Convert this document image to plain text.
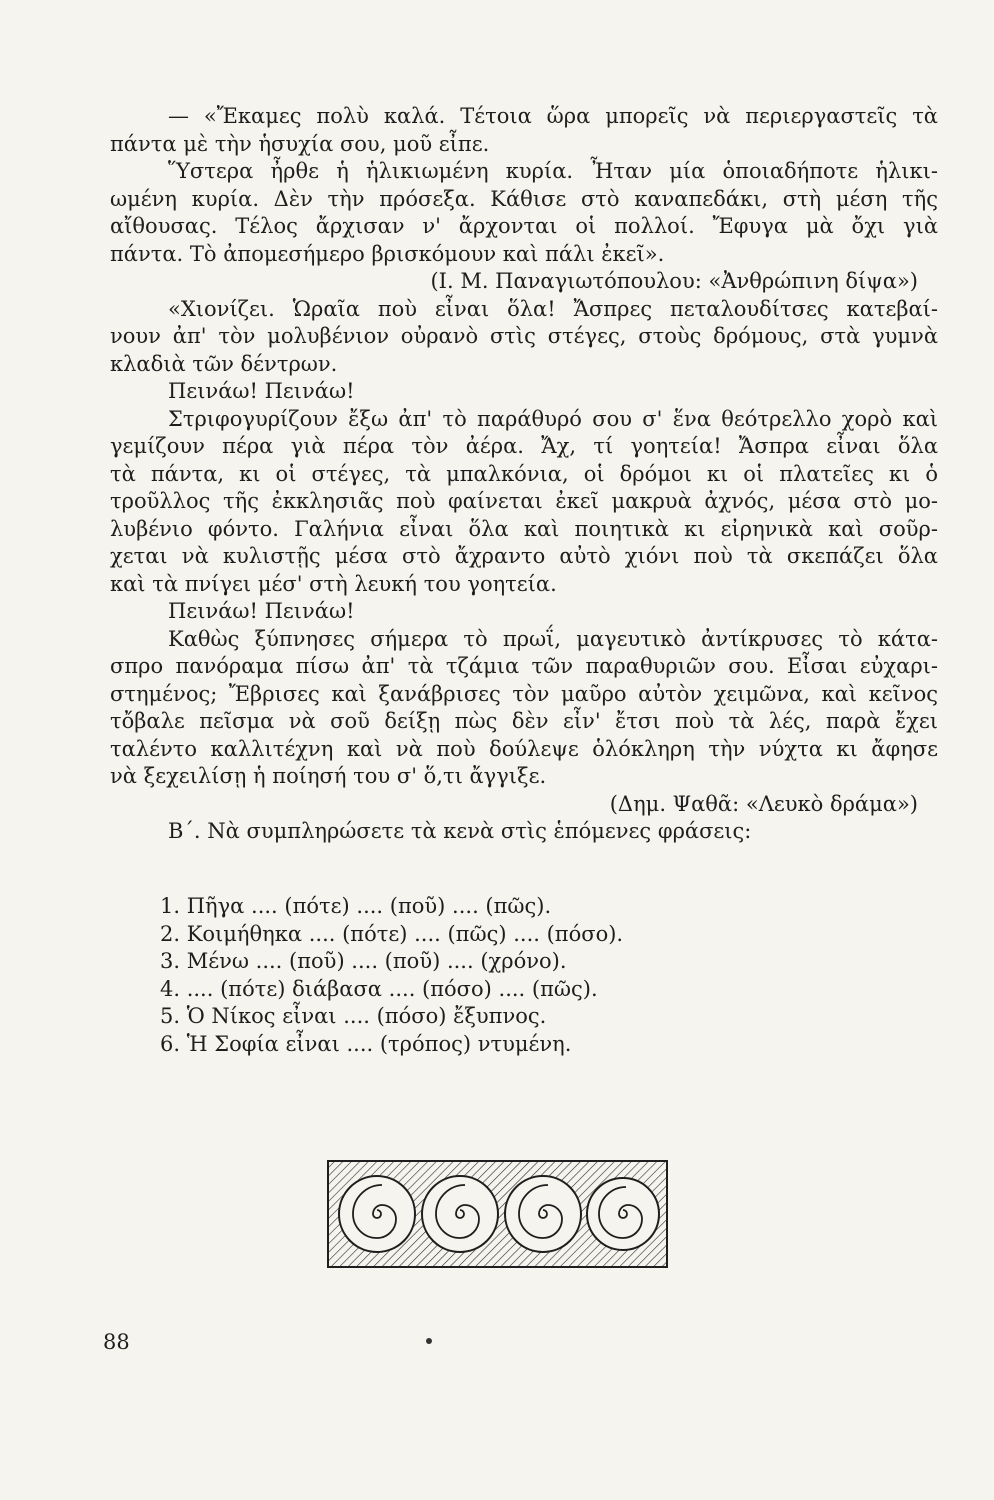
— «Ἔκαμες πολὺ καλά. Τέτοια ὥρα μπορεῖς νὰ περιεργαστεῖς τὰ
πάντα μὲ τὴν ἡσυχία σου, μοῦ εἶπε.
Ὕστερα ἦρθε ἡ ἡλικιωμένη κυρία. Ἦταν μία ὁποιαδήποτε ἡλικι-
ωμένη κυρία. Δὲν τὴν πρόσεξα. Κάθισε στὸ καναπεδάκι, στὴ μέση τῆς
αἴθουσας. Τέλος ἄρχισαν ν' ἄρχονται οἱ πολλοί. Ἔφυγα μὰ ὄχι γιὰ
πάντα. Τὸ ἀπομεσήμερο βρισκόμουν καὶ πάλι ἐκεῖ».
(Ι. Μ. Παναγιωτόπουλου: «Ἀνθρώπινη δίψα»)
«Χιονίζει. Ὡραῖα ποὺ εἶναι ὅλα! Ἄσπρες πεταλουδίτσες κατεβαί-
νουν ἀπ' τὸν μολυβένιον οὐρανὸ στὶς στέγες, στοὺς δρόμους, στὰ γυμνὰ
κλαδιὰ τῶν δέντρων.
Πεινάω! Πεινάω!
Στριφογυρίζουν ἔξω ἀπ' τὸ παράθυρό σου σ' ἕνα θεότρελλο χορὸ καὶ
γεμίζουν πέρα γιὰ πέρα τὸν ἀέρα. Ἄχ, τί γοητεία! Ἄσπρα εἶναι ὅλα
τὰ πάντα, κι οἱ στέγες, τὰ μπαλκόνια, οἱ δρόμοι κι οἱ πλατεῖες κι ὁ
τροῦλλος τῆς ἐκκλησιᾶς ποὺ φαίνεται ἐκεῖ μακρυὰ ἀχνός, μέσα στὸ μο-
λυβένιο φόντο. Γαλήνια εἶναι ὅλα καὶ ποιητικὰ κι εἰρηνικὰ καὶ σοῦρ-
χεται νὰ κυλιστῇς μέσα στὸ ἄχραντο αὐτὸ χιόνι ποὺ τὰ σκεπάζει ὅλα
καὶ τὰ πνίγει μέσ' στὴ λευκή του γοητεία.
Πεινάω! Πεινάω!
Καθὼς ξύπνησες σήμερα τὸ πρωΐ, μαγευτικὸ ἀντίκρυσες τὸ κάτα-
σπρο πανόραμα πίσω ἀπ' τὰ τζάμια τῶν παραθυριῶν σου. Εἶσαι εὐχαρι-
στημένος; Ἔβρισες καὶ ξανάβρισες τὸν μαῦρο αὐτὸν χειμῶνα, καὶ κεῖνος
τὄβαλε πεῖσμα νὰ σοῦ δείξῃ πὼς δὲν εἶν' ἔτσι ποὺ τὰ λές, παρὰ ἔχει
ταλέντο καλλιτέχνη καὶ νὰ ποὺ δούλεψε ὁλόκληρη τὴν νύχτα κι ἄφησε
νὰ ξεχειλίσῃ ἡ ποίησή του σ' ὅ,τι ἄγγιξε.
(Δημ. Ψαθᾶ: «Λευκὸ δράμα»)
Β΄. Νὰ συμπληρώσετε τὰ κενὰ στὶς ἑπόμενες φράσεις:
1. Πῆγα .... (πότε) .... (ποῦ) .... (πῶς).
2. Κοιμήθηκα .... (πότε) .... (πῶς) .... (πόσο).
3. Μένω .... (ποῦ) .... (ποῦ) .... (χρόνο).
4. .... (πότε) διάβασα .... (πόσο) .... (πῶς).
5. Ὁ Νίκος εἶναι .... (πόσο) ἔξυπνος.
6. Ἡ Σοφία εἶναι .... (τρόπος) ντυμένη.
88
